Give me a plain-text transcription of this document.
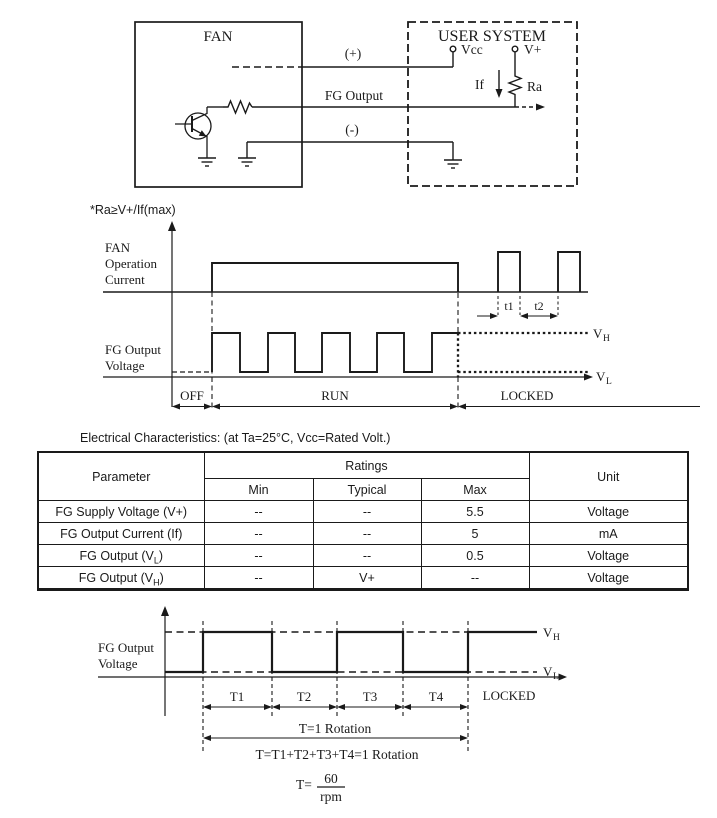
FAN	USER SYSTEM
(+)	Vcc	V+
Ra
If
FG Output
(-)
FAN
Operation
Current
t1 t2
FG Output
Voltage
V H
V L
OFF	RUN	LOCKED
FG Output
Voltage
V H
V L
T1	T2	T3	T4	LOCKED
T=1 Rotation
T=T1+T2+T3+T4=1 Rotation
T= 60
rpm
*Ra≥V+/If(max)
Electrical Characteristics: (at Ta=25°C, Vcc=Rated Volt.)
Parameter	Ratings			Unit
	Min	Typical	Max	
FG Supply Voltage (V+)	--	--	5.5	Voltage
FG Output Current (If)	--	--	5	mA
FG Output $(V_L)$	--	--	0.5	Voltage
FG Output $(V_H)$	--	V+	--	Voltage
